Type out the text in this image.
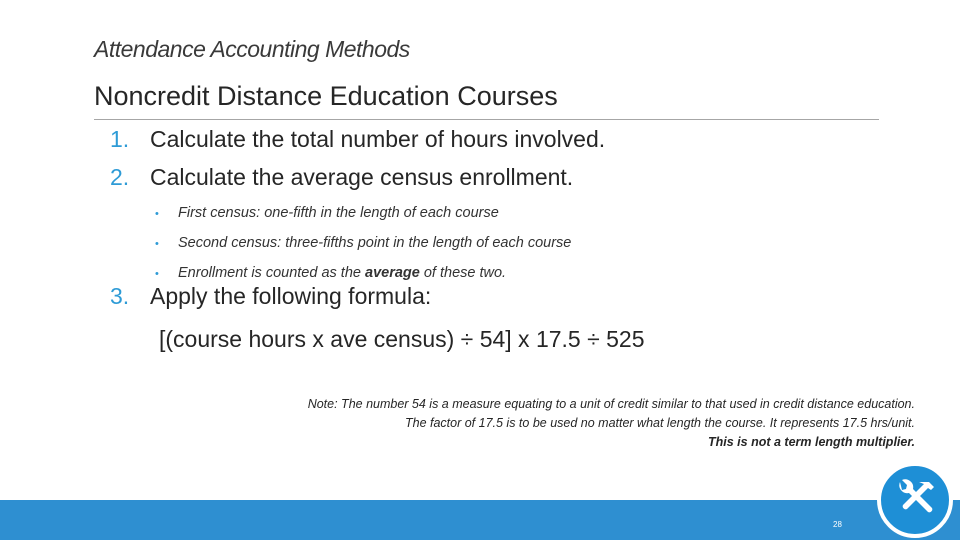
Attendance Accounting Methods
Noncredit Distance Education Courses
1. Calculate the total number of hours involved.
2. Calculate the average census enrollment.
• First census: one-fifth in the length of each course
• Second census: three-fifths point in the length of each course
• Enrollment is counted as the average of these two.
3. Apply the following formula:
[(course hours x ave census) ÷ 54] x 17.5 ÷ 525
Note: The number 54 is a measure equating to a unit of credit similar to that used in credit distance education.
The factor of 17.5 is to be used no matter what length the course. It represents 17.5 hrs/unit.
This is not a term length multiplier.
28
